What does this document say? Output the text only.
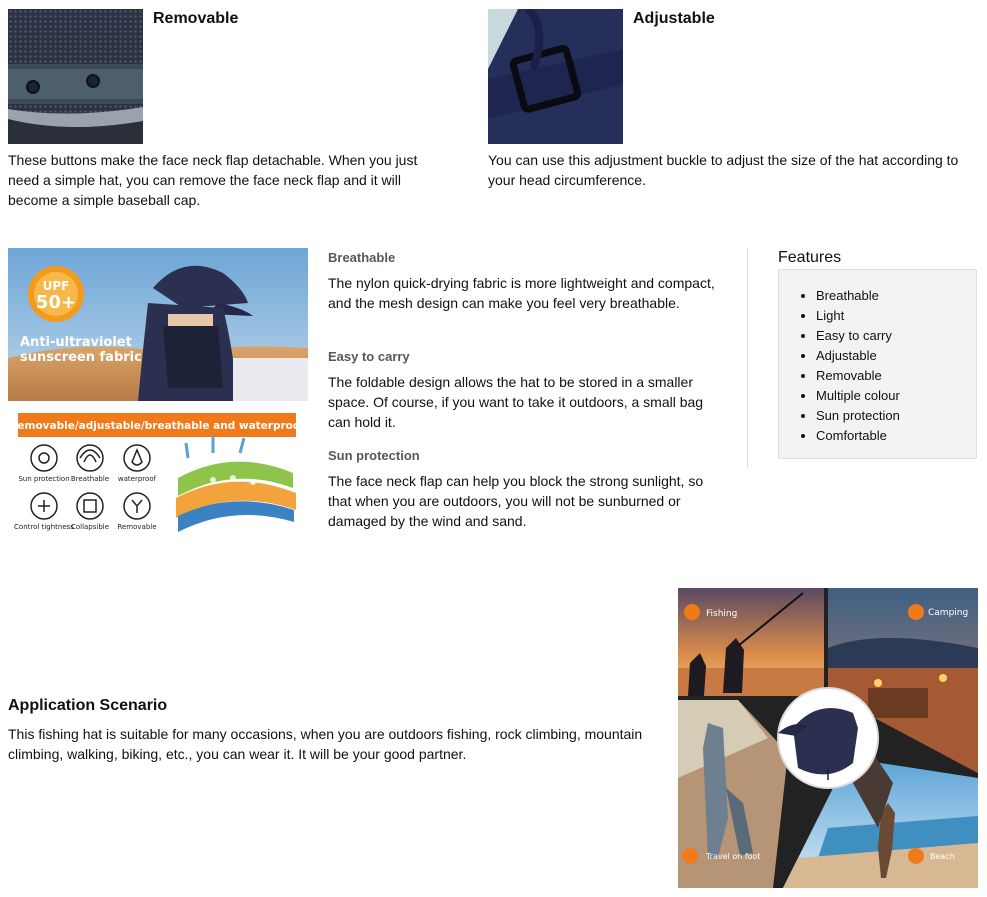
Removable
These buttons make the face neck flap detachable. When you just need a simple hat, you can remove the face neck flap and it will become a simple baseball cap.
Adjustable
You can use this adjustment buckle to adjust the size of the hat according to your head circumference.
UPF
50+
Anti-ultraviolet
sunscreen fabric
Removable/adjustable/breathable and waterproof
Sun protection Breathable waterproof
Control tightness
Collapsible Removable
Breathable
The nylon quick-drying fabric is more lightweight and compact, and the mesh design can make you feel very breathable.
Easy to carry
The foldable design allows the hat to be stored in a smaller space. Of course, if you want to take it outdoors, a small bag can hold it.
Sun protection
The face neck flap can help you block the strong sunlight, so that when you are outdoors, you will not be sunburned or damaged by the wind and sand.
Features
• Breathable
• Light
• Easy to carry
• Adjustable
• Removable
• Multiple colour
• Sun protection
• Comfortable
Application Scenario
This fishing hat is suitable for many occasions, when you are outdoors fishing, rock climbing, mountain climbing, walking, biking, etc., you can wear it. It will be your good partner.
Fishing	Camping
Travel on foot	Beach
